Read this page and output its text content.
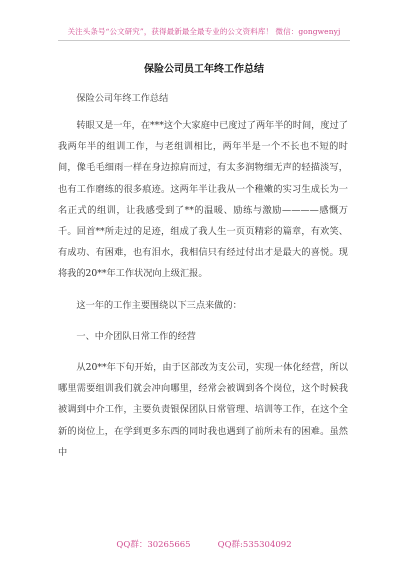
关注头条号“公文研究”，获得最新最全最专业的公文资料库！ 微信：gongwenyj
保险公司员工年终工作总结

保险公司年终工作总结

转眼又是一年，在***这个大家庭中已度过了两年半的时间，度过了我两年半的组训工作，与老组训相比，两年半是一个不长也不短的时间，像毛毛细雨一样在身边掠肩而过，有太多润物细无声的轻描淡写，也有工作磨练的很多痕迹。这两年半让我从一个稚嫩的实习生成长为一名正式的组训，让我感受到了**的温暖、励练与激励————感慨万千。回首**所走过的足迹，组成了我人生一页页精彩的篇章，有欢笑、有成功、有困难，也有泪水，我相信只有经过付出才是最大的喜悦。现将我的20**年工作状况向上级汇报。

这一年的工作主要围绕以下三点来做的：

一、中介团队日常工作的经营

从20**年下旬开始，由于区部改为支公司，实现一体化经营，所以哪里需要组训我们就会冲向哪里，经常会被调到各个岗位，这个时候我被调到中介工作，主要负责银保团队日常管理、培训等工作，在这个全新的岗位上，在学到更多东西的同时我也遇到了前所未有的困难。虽然中

QQ群：30265665	QQ群:535304092
